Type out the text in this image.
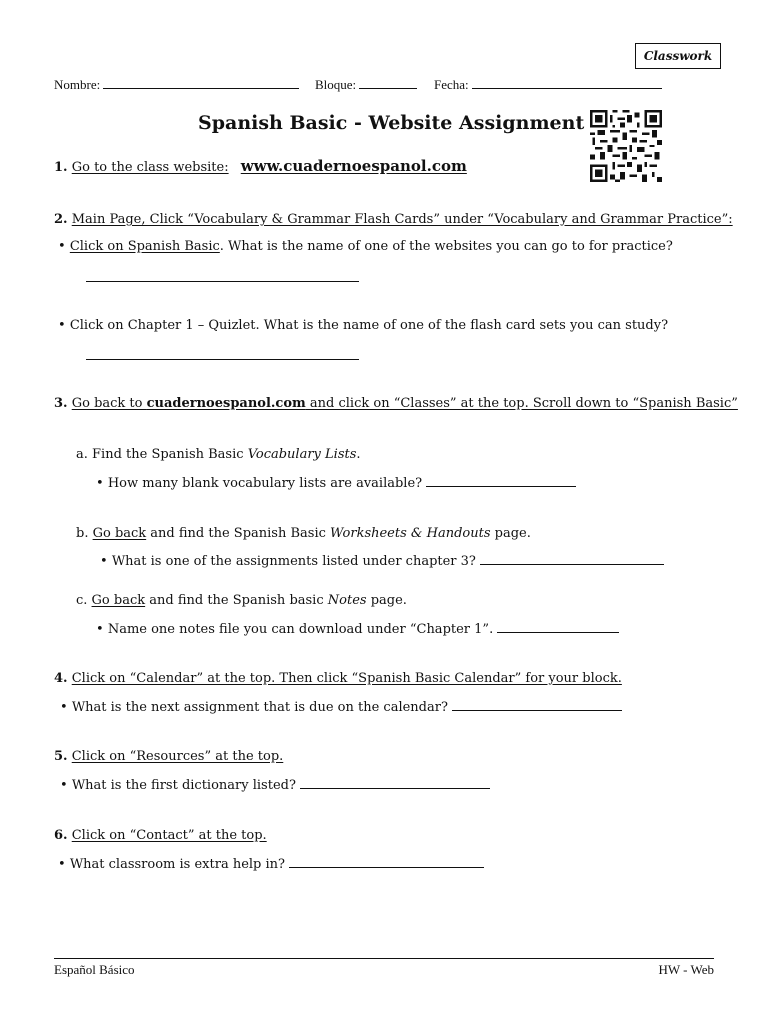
Classwork
Nombre:	Bloque:	Fecha:
Spanish Basic - Website Assignment
1. Go to the class website: www.cuadernoespanol.com
2. Main Page, Click “Vocabulary & Grammar Flash Cards” under “Vocabulary and Grammar Practice”:
• Click on Spanish Basic. What is the name of one of the websites you can go to for practice?
• Click on Chapter 1 – Quizlet. What is the name of one of the flash card sets you can study?
3. Go back to cuadernoespanol.com and click on “Classes” at the top. Scroll down to “Spanish Basic”
a. Find the Spanish Basic Vocabulary Lists.
• How many blank vocabulary lists are available?
b. Go back and find the Spanish Basic Worksheets & Handouts page.
• What is one of the assignments listed under chapter 3?
c. Go back and find the Spanish basic Notes page.
• Name one notes file you can download under “Chapter 1”.
4. Click on “Calendar” at the top. Then click “Spanish Basic Calendar” for your block.
• What is the next assignment that is due on the calendar?
5. Click on “Resources” at the top.
• What is the first dictionary listed?
6. Click on “Contact” at the top.
• What classroom is extra help in?
Español Básico	HW - Web
